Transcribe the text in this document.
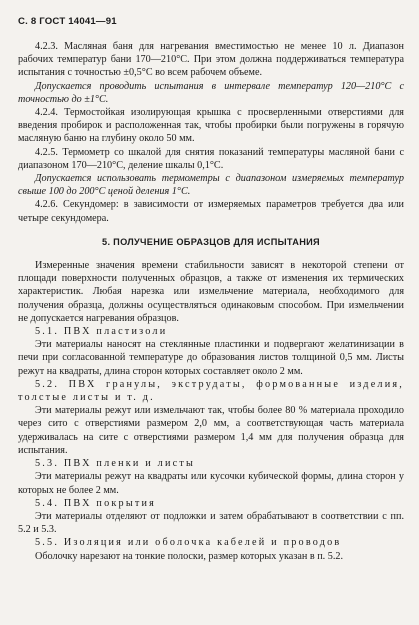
С. 8 ГОСТ 14041—91

4.2.3. Масляная баня для нагревания вместимостью не менее 10 л. Диапазон рабочих температур бани 170—210°С. При этом должна поддерживаться температура испытания с точностью ±0,5°С во всем рабочем объеме.

Допускается проводить испытания в интервале температур 120—210°С с точностью до ±1°С.

4.2.4. Термостойкая изолирующая крышка с просверленными отверстиями для введения пробирок и расположенная так, чтобы пробирки были погружены в горячую масляную баню на глубину около 50 мм.

4.2.5. Термометр со шкалой для снятия показаний температуры масляной бани с диапазоном 170—210°С, деление шкалы 0,1°С.

Допускается использовать термометры с диапазоном измеряемых температур свыше 100 до 200°С ценой деления 1°С.

4.2.6. Секундомер: в зависимости от измеряемых параметров требуется два или четыре секундомера.

5. ПОЛУЧЕНИЕ ОБРАЗЦОВ ДЛЯ ИСПЫТАНИЯ

Измеренные значения времени стабильности зависят в некоторой степени от площади поверхности полученных образцов, а также от изменения их термических характеристик. Любая нарезка или измельчение материала, необходимого для получения образца, должны осуществляться одинаковым способом. При измельчении не допускается нагревания образцов.

5.1. ПВХ пластизоли

Эти материалы наносят на стеклянные пластинки и подвергают желатинизации в печи при согласованной температуре до образования листов толщиной 0,5 мм. Листы режут на квадраты, длина сторон которых составляет около 2 мм.

5.2. ПВХ гранулы, экструдаты, формованные изделия, толстые листы и т. д.

Эти материалы режут или измельчают так, чтобы более 80 % материала проходило через сито с отверстиями размером 2,0 мм, а соответствующая часть материала удерживалась на сите с отверстиями размером 1,4 мм для получения образца для испытания.

5.3. ПВХ пленки и листы

Эти материалы режут на квадраты или кусочки кубической формы, длина сторон у которых не более 2 мм.

5.4. ПВХ покрытия

Эти материалы отделяют от подложки и затем обрабатывают в соответствии с пп. 5.2 и 5.3.

5.5. Изоляция или оболочка кабелей и проводов

Оболочку нарезают на тонкие полоски, размер которых указан в п. 5.2.
